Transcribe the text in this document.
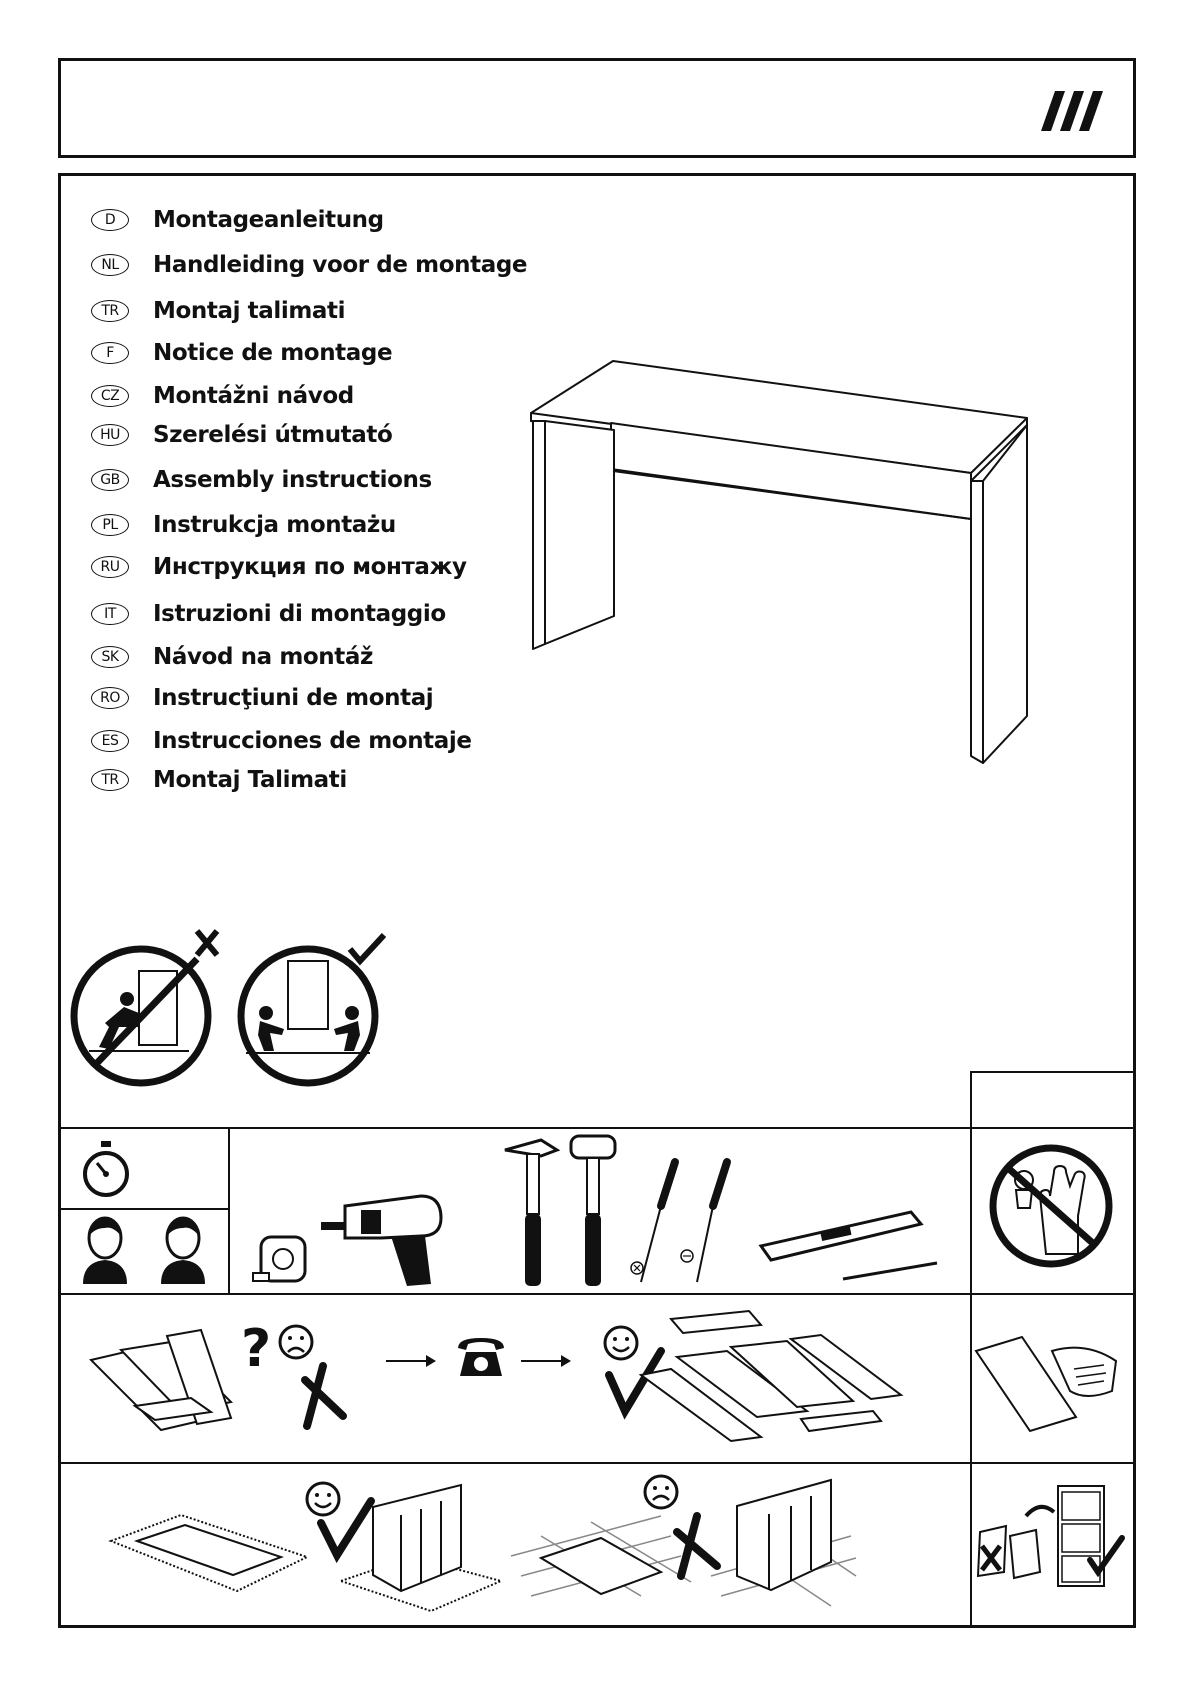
D	Montageanleitung
NL	Handleiding voor de montage
TR	Montaj talimati
F	Notice de montage
CZ	Montážni návod
HU	Szerelési útmutató
GB	Assembly instructions
PL	Instrukcja montażu
RU	Инструкция по монтажу
IT	Istruzioni di montaggio
SK	Návod na montáž
RO	Instrucţiuni de montaj
ES	Instrucciones de montaje
TR	Montaj Talimati
?
